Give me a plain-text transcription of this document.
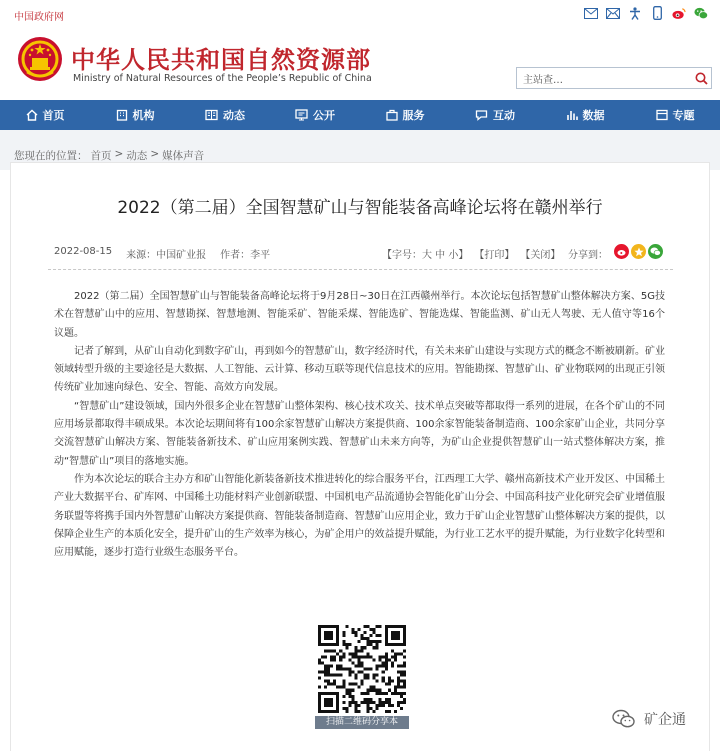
中国政府网
中华人民共和国自然资源部
Ministry of Natural Resources of the People’s Republic of China	主站查…
首页	机构	动态	公开	服务	互动	数据	专题
您现在的位置： 首页 > 动态 > 媒体声音
2022（第二届）全国智慧矿山与智能装备高峰论坛将在赣州举行
2022-08-15 来源：中国矿业报 作者：李平	【字号：大 中 小】 【打印】 【关闭】 分享到：

2022（第二届）全国智慧矿山与智能装备高峰论坛将于9月28日~30日在江西赣州举行。本次论坛包括智慧矿山整体解决方案、5G技术在智慧矿山中的应用、智慧勘探、智慧地测、智能采矿、智能采煤、智能选矿、智能选煤、智能监测、矿山无人驾驶、无人值守等16个议题。

记者了解到，从矿山自动化到数字矿山，再到如今的智慧矿山，数字经济时代，有关未来矿山建设与实现方式的概念不断被刷新。矿业领域转型升级的主要途径是大数据、人工智能、云计算、移动互联等现代信息技术的应用。智能勘探、智慧矿山、矿业物联网的出现正引领传统矿业加速向绿色、安全、智能、高效方向发展。

“智慧矿山”建设领域，国内外很多企业在智慧矿山整体架构、核心技术攻关、技术单点突破等都取得一系列的进展，在各个矿山的不同应用场景都取得丰硕成果。本次论坛期间将有100余家智慧矿山解决方案提供商、100余家智能装备制造商、100余家矿山企业，共同分享交流智慧矿山解决方案、智能装备新技术、矿山应用案例实践、智慧矿山未来方向等，为矿山企业提供智慧矿山一站式整体解决方案，推动“智慧矿山”项目的落地实施。

作为本次论坛的联合主办方和矿山智能化新装备新技术推进转化的综合服务平台，江西理工大学、赣州高新技术产业开发区、中国稀土产业大数据平台、矿库网、中国稀土功能材料产业创新联盟、中国机电产品流通协会智能化矿山分会、中国高科技产业化研究会矿业增值服务联盟等将携手国内外智慧矿山解决方案提供商、智能装备制造商、智慧矿山应用企业，致力于矿山企业智慧矿山整体解决方案的提供，以保障企业生产的本质化安全，提升矿山的生产效率为核心，为矿企用户的效益提升赋能，为行业工艺水平的提升赋能，为行业数字化转型和应用赋能，逐步打造行业级生态服务平台。

扫描二维码分享本	矿企通
